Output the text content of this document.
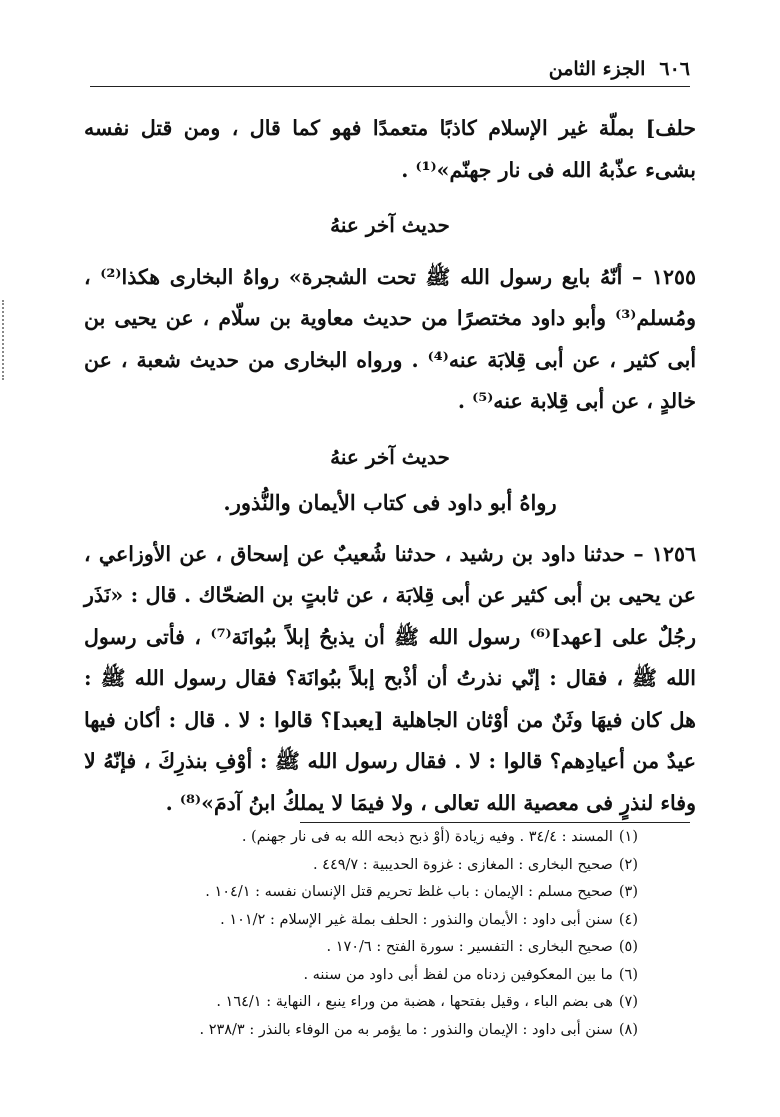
٦٠٦
الجزء الثامن

حلف] بملّة غير الإسلام كاذبًا متعمدًا فهو كما قال ، ومن قتل نفسه بشىء عذّبهُ الله فى نار جهنّم»⁽¹⁾ .

حديث آخر عنهُ

١٢٥٥ – أنّهُ بايع رسول الله ﷺ تحت الشجرة» رواهُ البخارى هكذا⁽²⁾ ، ومُسلم⁽³⁾ وأبو داود مختصرًا من حديث معاوية بن سلّام ، عن يحيى بن أبى كثير ، عن أبى قِلابَة عنه⁽⁴⁾ . ورواه البخارى من حديث شعبة ، عن خالدٍ ، عن أبى قِلابة عنه⁽⁵⁾ .

حديث آخر عنهُ
رواهُ أبو داود فى كتاب الأيمان والنُّذور.

١٢٥٦ – حدثنا داود بن رشيد ، حدثنا شُعيبٌ عن إسحاق ، عن الأوزاعي ، عن يحيى بن أبى كثير عن أبى قِلابَة ، عن ثابتٍ بن الضحّاك . قال : «نَذَر رجُلٌ على [عهد]⁽⁶⁾ رسول الله ﷺ أن يذبحُ إبلاً ببُوانَة⁽⁷⁾ ، فأتى رسول الله ﷺ ، فقال : إنّي نذرتُ أن أذْبح إبلاً ببُوانَة؟ فقال رسول الله ﷺ : هل كان فيهَا وثَنٌ من أوْثان الجاهلية [يعبد]؟ قالوا : لا . قال : أكان فيها عيدٌ من أعيادِهم؟ قالوا : لا . فقال رسول الله ﷺ : أوْفِ بنذرِكَ ، فإنّهُ لا وفاء لنذرٍ فى معصية الله تعالى ، ولا فيمَا لا يملكُ ابنُ آدمَ»⁽⁸⁾ .

(١)المسند : ٣٤/٤ . وفيه زيادة (أوْ ذبح ذبحه الله به فى نار جهنم) .
(٢)صحيح البخارى : المغازى : غزوة الحديبية : ٤٤٩/٧ .
(٣)صحيح مسلم : الإيمان : باب غلظ تحريم قتل الإنسان نفسه : ١٠٤/١ .
(٤)سنن أبى داود : الأيمان والنذور : الحلف بملة غير الإسلام : ١٠١/٢ .
(٥)صحيح البخارى : التفسير : سورة الفتح : ١٧٠/٦ .
(٦)ما بين المعكوفين زدناه من لفظ أبى داود من سننه .
(٧)هى بضم الباء ، وقيل بفتحها ، هضبة من وراء ينبع ، النهاية : ١٦٤/١ .
(٨)سنن أبى داود : الإيمان والنذور : ما يؤمر به من الوفاء بالنذر : ٢٣٨/٣ .
